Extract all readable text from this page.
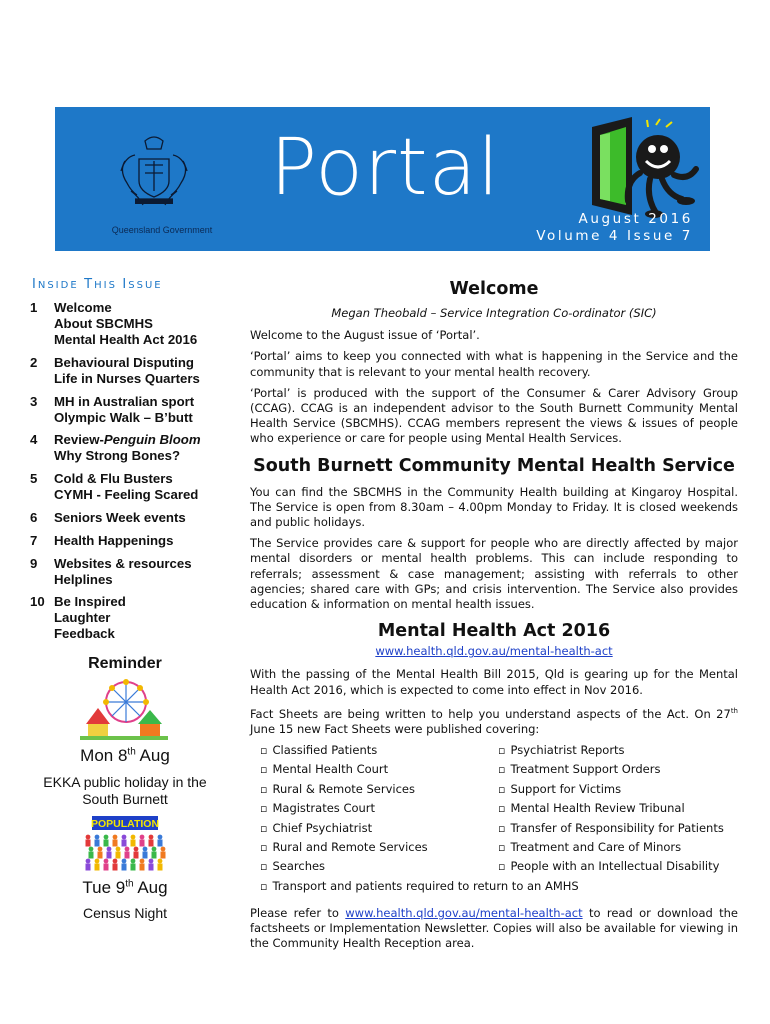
Queensland Government
Portal
August 2016
Volume 4 Issue 7
INSIDE THIS ISSUE
1	Welcome
About SBCMHS
Mental Health Act 2016
2	Behavioural Disputing
Life in Nurses Quarters
3	MH in Australian sport
Olympic Walk – B’butt
4	Review-Penguin Bloom
Why Strong Bones?
5	Cold & Flu Busters
CYMH - Feeling Scared
6	Seniors Week events
7	Health Happenings
9	Websites & resources
Helplines
10 Be Inspired
Laughter
Feedback
Reminder
Mon 8th Aug
EKKA public holiday in the South Burnett
POPULATION
Tue 9th Aug
Census Night
Welcome

Megan Theobald – Service Integration Co-ordinator (SIC)

Welcome to the August issue of ‘Portal’.

‘Portal’ aims to keep you connected with what is happening in the Service and the community that is relevant to your mental health recovery.

‘Portal’ is produced with the support of the Consumer & Carer Advisory Group (CCAG). CCAG is an independent advisor to the South Burnett Community Mental Health Service (SBCMHS). CCAG members represent the views & issues of people who experience or care for people using Mental Health Services.

South Burnett Community Mental Health Service

You can find the SBCMHS in the Community Health building at Kingaroy Hospital. The Service is open from 8.30am – 4.00pm Monday to Friday. It is closed weekends and public holidays.

The Service provides care & support for people who are directly affected by major mental disorders or mental health problems. This can include responding to referrals; assessment & case management; assisting with referrals to other agencies; shared care with GPs; and crisis intervention. The Service also provides education & information on mental health issues.

Mental Health Act 2016

www.health.qld.gov.au/mental-health-act

With the passing of the Mental Health Bill 2015, Qld is gearing up for the Mental Health Act 2016, which is expected to come into effect in Nov 2016.

Fact Sheets are being written to help you understand aspects of the Act. On 27th June 15 new Fact Sheets were published covering:

▫ Classified Patients	▫ Psychiatrist Reports
▫ Mental Health Court	▫ Treatment Support Orders
▫ Rural & Remote Services	▫ Support for Victims
▫ Magistrates Court	▫ Mental Health Review Tribunal
▫ Chief Psychiatrist	▫ Transfer of Responsibility for Patients
▫ Rural and Remote Services	▫ Treatment and Care of Minors
▫ Searches	▫ People with an Intellectual Disability
▫ Transport and patients required to return to an AMHS

Please refer to www.health.qld.gov.au/mental-health-act to read or download the factsheets or Implementation Newsletter. Copies will also be available for viewing in the Community Health Reception area.
